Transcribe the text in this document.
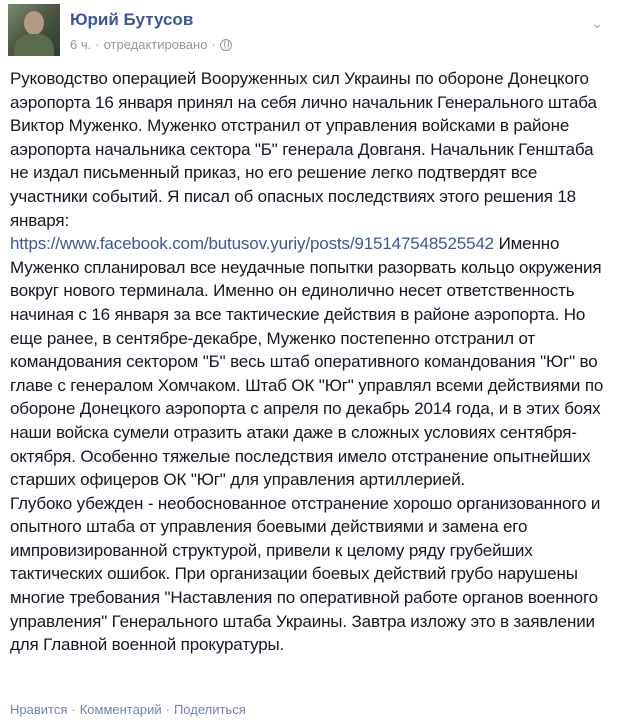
Юрий Бутусов
6 ч. · отредактировано ·
⌄

Руководство операцией Вооруженных сил Украины по обороне Донецкого аэропорта 16 января принял на себя лично начальник Генерального штаба Виктор Муженко. Муженко отстранил от управления войсками в районе аэропорта начальника сектора "Б" генерала Довганя. Начальник Генштаба не издал письменный приказ, но его решение легко подтвердят все участники событий. Я писал об опасных последствиях этого решения 18 января:
https://www.facebook.com/butusov.yuriy/posts/915147548525542 Именно Муженко спланировал все неудачные попытки разорвать кольцо окружения вокруг нового терминала. Именно он единолично несет ответственность начиная с 16 января за все тактические действия в районе аэропорта. Но еще ранее, в сентябре-декабре, Муженко постепенно отстранил от командования сектором "Б" весь штаб оперативного командования "Юг" во главе с генералом Хомчаком. Штаб ОК "Юг" управлял всеми действиями по обороне Донецкого аэропорта с апреля по декабрь 2014 года, и в этих боях наши войска сумели отразить атаки даже в сложных условиях сентября-октября. Особенно тяжелые последствия имело отстранение опытнейших старших офицеров ОК "Юг" для управления артиллерией.

Глубоко убежден - необоснованное отстранение хорошо организованного и опытного штаба от управления боевыми действиями и замена его импровизированной структурой, привели к целому ряду грубейших тактических ошибок. При организации боевых действий грубо нарушены многие требования "Наставления по оперативной работе органов военного управления" Генерального штаба Украины. Завтра изложу это в заявлении для Главной военной прокуратуры.

Нравится · Комментарий · Поделиться
